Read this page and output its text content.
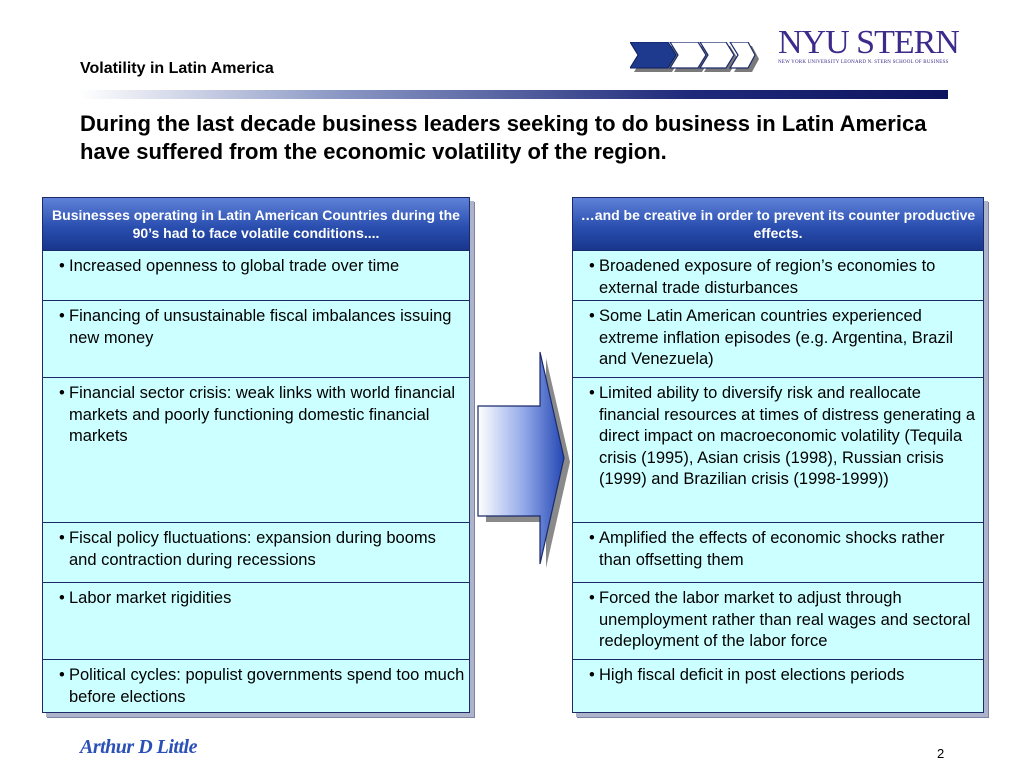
Volatility in Latin America
NYU STERN
NEW YORK UNIVERSITY LEONARD N. STERN SCHOOL OF BUSINESS
During the last decade business leaders seeking to do business in Latin America have suffered from the economic volatility of the region.
Businesses operating in Latin American Countries during the 90’s had to face volatile conditions....
• Increased openness to global trade over time
• Financing of unsustainable fiscal imbalances issuing new money
• Financial sector crisis: weak links with world financial markets and poorly functioning domestic financial markets
• Fiscal policy fluctuations: expansion during booms and contraction during recessions
• Labor market rigidities
• Political cycles: populist governments spend too much before elections
…and be creative in order to prevent its counter productive effects.
• Broadened exposure of region’s economies to external trade disturbances
• Some Latin American countries experienced extreme inflation episodes (e.g. Argentina, Brazil and Venezuela)
• Limited ability to diversify risk and reallocate financial resources at times of distress generating a direct impact on macroeconomic volatility (Tequila crisis (1995), Asian crisis (1998), Russian crisis (1999) and Brazilian crisis (1998-1999))
• Amplified the effects of economic shocks rather than offsetting them
• Forced the labor market to adjust through unemployment rather than real wages and sectoral redeployment of the labor force
• High fiscal deficit in post elections periods
Arthur D Little	2
